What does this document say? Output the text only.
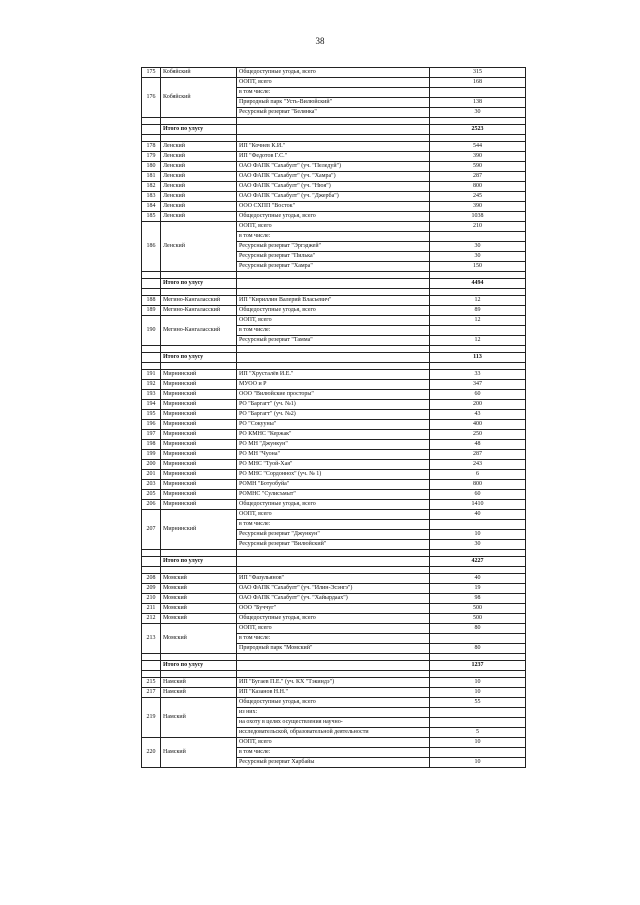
38
175	Кобяйский	Общедоступные угодья, всего	315
176	Кобяйский	ООПТ, всего	168
		в том числе:	
		Природный парк "Усть-Вилюйский"	138
		Ресурсный резерват "Белянка"	30

	Итого по улусу		2523

178	Ленский	ИП "Кочнев К.И."	544
179	Ленский	ИП "Федотов Г.С."	390
180	Ленский	ОАО ФАПК "Сахабулт" (уч. "Пеледуй")	590
181	Ленский	ОАО ФАПК "Сахабулт" (уч. "Хамра")	287
182	Ленский	ОАО ФАПК "Сахабулт" (уч. "Нюя")	800
183	Ленский	ОАО ФАПК "Сахабулт" (уч. "Джерба")	245
184	Ленский	ООО СХПП "Восток"	390
185	Ленский	Общедоступные угодья, всего	1038
186	Ленский	ООПТ, всего	210
		в том числе:	
		Ресурсный резерват "Эргэджей"	30
		Ресурсный резерват "Пилька"	30
		Ресурсный резерват "Хамра"	150

	Итого по улусу		4494

188	Мегино-Кангаласский	ИП "Кириллин Валерий Власьевич"	12
189	Мегино-Кангаласский	Общедоступные угодья, всего	89
190	Мегино-Кангаласский	ООПТ, всего	12
		в том числе:	
		Ресурсный резерват "Тамма"	12

	Итого по улусу		113

191	Мирнинский	ИП "Хрусталёв И.Е."	33
192	Мирнинский	МУОО и Р	347
193	Мирнинский	ООО "Вилюйские просторы"	60
194	Мирнинский	РО "Баргагт" (уч. №1)	200
195	Мирнинский	РО "Баргагт" (уч. №2)	43
196	Мирнинский	РО "Сокууны"	400
197	Мирнинский	РО КМНС "Кержак"	250
198	Мирнинский	РО МН "Джункун"	48
199	Мирнинский	РО МН "Чуона"	287
200	Мирнинский	РО МНС "Туой-Хая"	243
201	Мирнинский	РО МНС "Сордоннох" (уч. № 1)	6
203	Мирнинский	РОМН "Ботуобуйа"	800
205	Мирнинский	РОМНС "Сулисъмыт"	60
206	Мирнинский	Общедоступные угодья, всего	1410
207	Мирнинский	ООПТ, всего	40
		в том числе:	
		Ресурсный резерват "Джункун"	10
		Ресурсный резерват "Вилюйский"	30

	Итого по улусу		4227

208	Момский	ИП "Фазульянов"	40
209	Момский	ОАО ФАПК "Сахабулт" (уч. "Илин-Эсэнгэ")	19
210	Момский	ОАО ФАПК "Сахабулт" (уч. "Хайырдаах")	98
211	Момский	ООО "Буччуг"	500
212	Момский	Общедоступные угодья, всего	500
213	Момский	ООПТ, всего	80
		в том числе:	
		Природный парк "Момский"	80

	Итого по улусу		1237

215	Намский	ИП "Бугаев П.Е." (уч. КХ "Тэкиндэ")	10
217	Намский	ИП "Казанов Н.Н."	10
219	Намский	Общедоступные угодья, всего	55
		из них:	
		на охоту в целях осуществления научно-	
		исследовательской, образовательной деятельности	5
220	Намский	ООПТ, всего	10
		в том числе:	
		Ресурсный резерват Харбайы	10
